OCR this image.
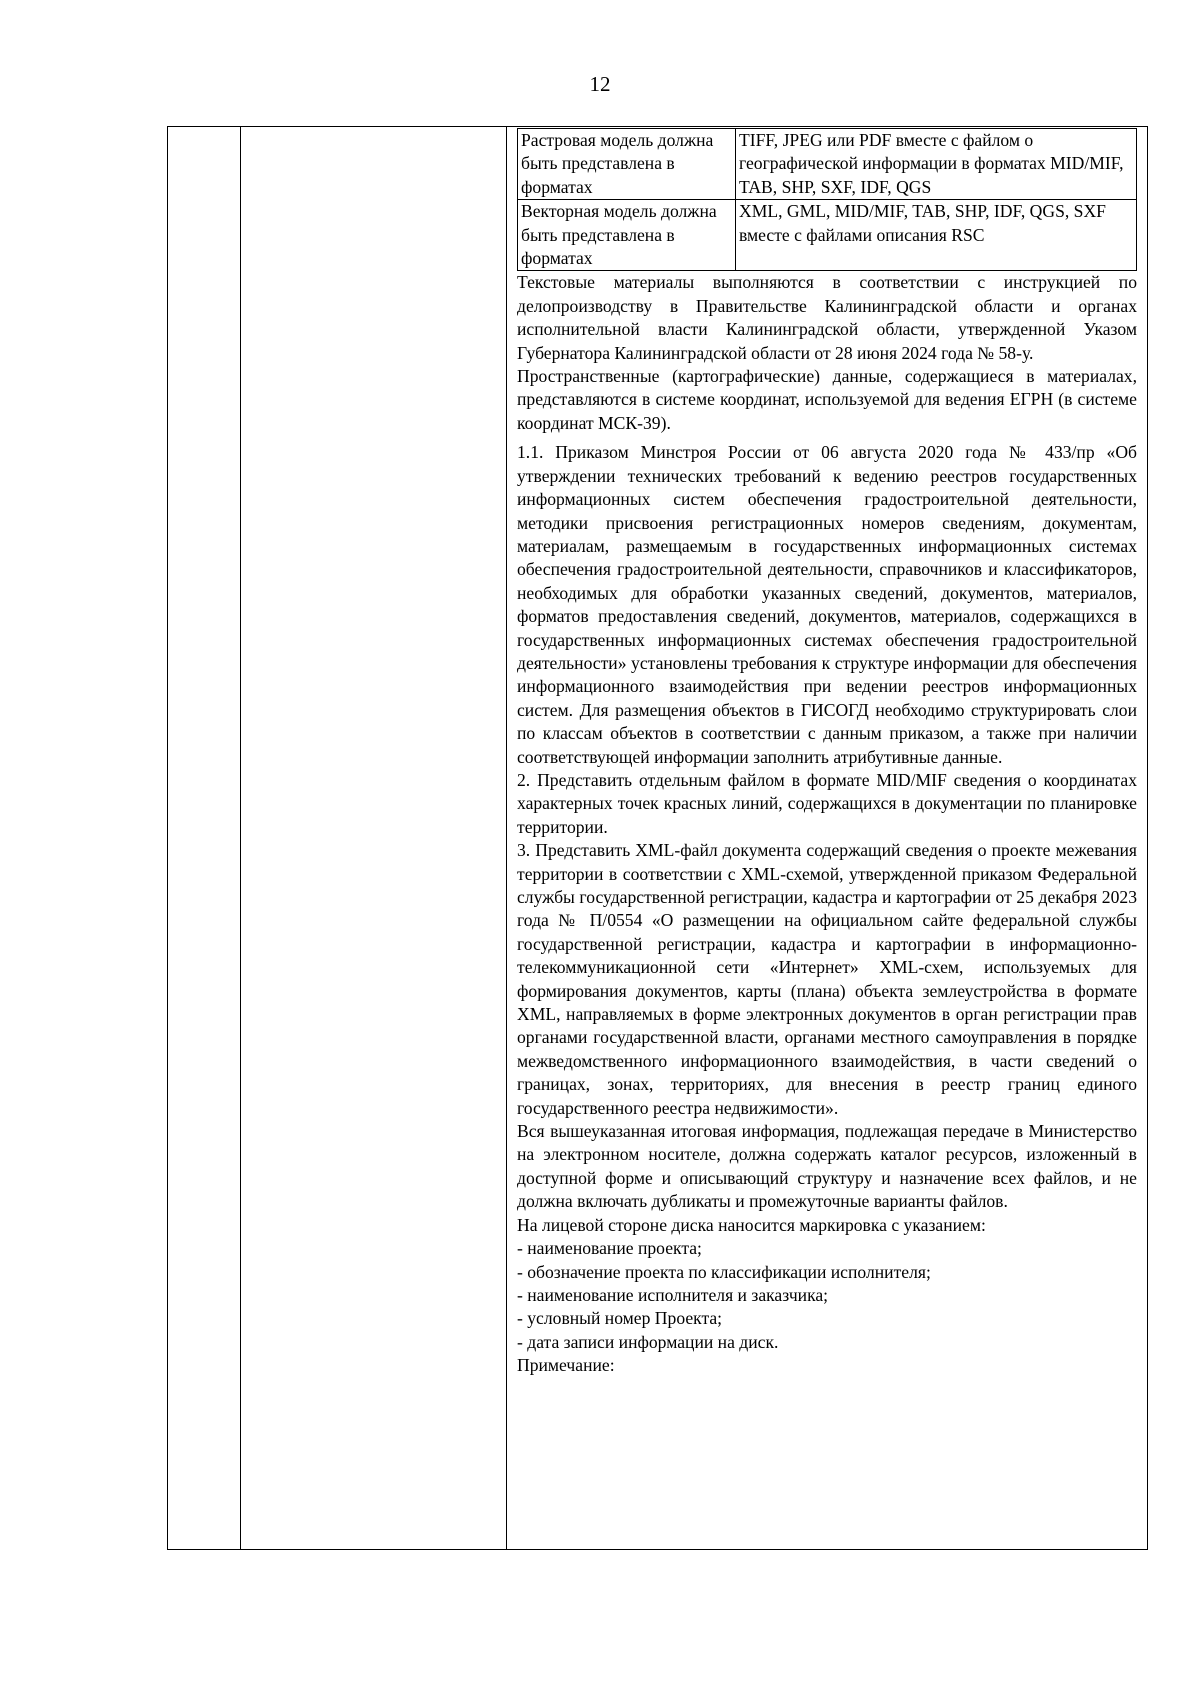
12
Растровая модель должна быть представлена в форматах	TIFF, JPEG или PDF вместе с файлом о географической информации в форматах MID/MIF, TAB, SHP, SXF, IDF, QGS
Векторная модель должна быть представлена в форматах	XML, GML, MID/MIF, TAB, SHP, IDF, QGS, SXF вместе с файлами описания RSC

Текстовые материалы выполняются в соответствии с инструкцией по делопроизводству в Правительстве Калининградской области и органах исполнительной власти Калининградской области, утвержденной Указом Губернатора Калининградской области от 28 июня 2024 года № 58-у.

Пространственные (картографические) данные, содержащиеся в материалах, представляются в системе координат, используемой для ведения ЕГРН (в системе координат МСК-39).

1.1. Приказом Минстроя России от 06 августа 2020 года № 433/пр «Об утверждении технических требований к ведению реестров государственных информационных систем обеспечения градостроительной деятельности, методики присвоения регистрационных номеров сведениям, документам, материалам, размещаемым в государственных информационных системах обеспечения градостроительной деятельности, справочников и классификаторов, необходимых для обработки указанных сведений, документов, материалов, форматов предоставления сведений, документов, материалов, содержащихся в государственных информационных системах обеспечения градостроительной деятельности» установлены требования к структуре информации для обеспечения информационного взаимодействия при ведении реестров информационных систем. Для размещения объектов в ГИСОГД необходимо структурировать слои по классам объектов в соответствии с данным приказом, а также при наличии соответствующей информации заполнить атрибутивные данные.

2. Представить отдельным файлом в формате MID/MIF сведения о координатах характерных точек красных линий, содержащихся в документации по планировке территории.

3. Представить XML-файл документа содержащий сведения о проекте межевания территории в соответствии с XML-схемой, утвержденной приказом Федеральной службы государственной регистрации, кадастра и картографии от 25 декабря 2023 года № П/0554 «О размещении на официальном сайте федеральной службы государственной регистрации, кадастра и картографии в информационно-телекоммуникационной сети «Интернет» XML-схем, используемых для формирования документов, карты (плана) объекта землеустройства в формате XML, направляемых в форме электронных документов в орган регистрации прав органами государственной власти, органами местного самоуправления в порядке межведомственного информационного взаимодействия, в части сведений о границах, зонах, территориях, для внесения в реестр границ единого государственного реестра недвижимости».

Вся вышеуказанная итоговая информация, подлежащая передаче в Министерство на электронном носителе, должна содержать каталог ресурсов, изложенный в доступной форме и описывающий структуру и назначение всех файлов, и не должна включать дубликаты и промежуточные варианты файлов.

На лицевой стороне диска наносится маркировка с указанием:

- наименование проекта;

- обозначение проекта по классификации исполнителя;

- наименование исполнителя и заказчика;

- условный номер Проекта;

- дата записи информации на диск.

Примечание:
